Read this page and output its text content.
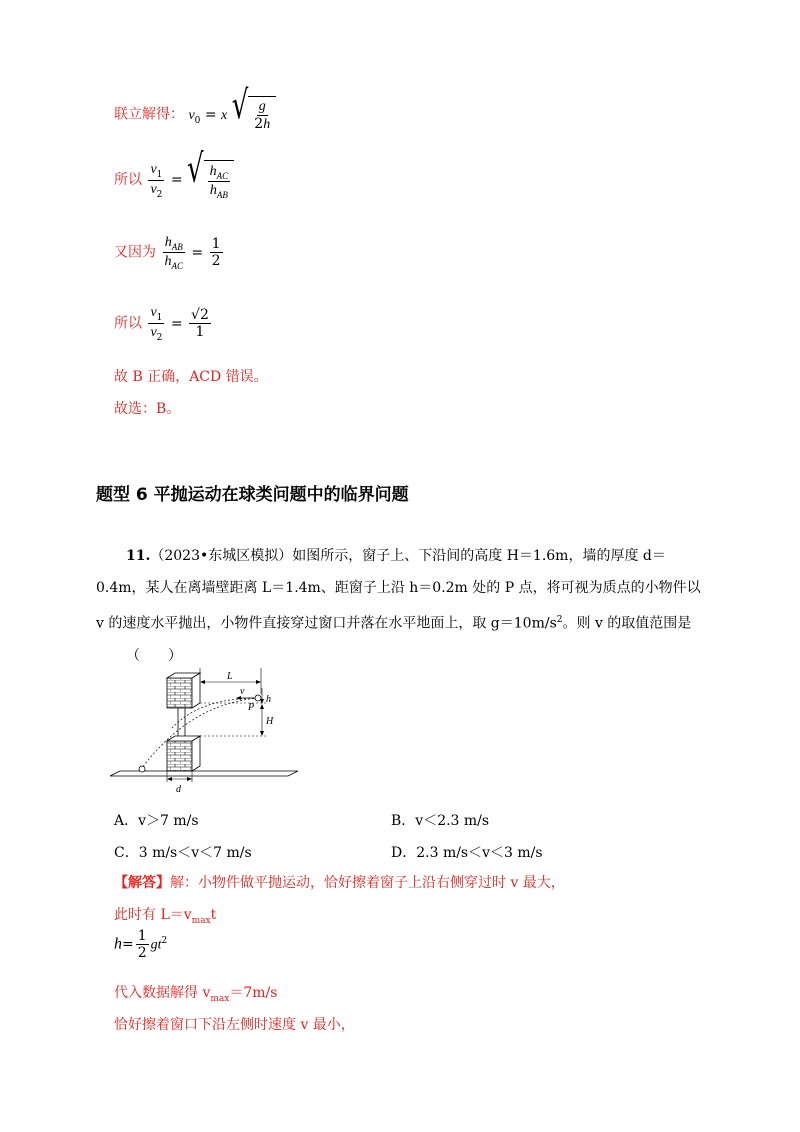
联立解得： $v_0 = x$ √ $\frac{g}{2h}$
所以 $\frac{v_1}{v_2}$ = √ $\frac{h_{AC}}{h_{AB}}$
又因为 $\frac{h_{AB}}{h_{AC}} = \frac{1}{2}$
所以 $\frac{v_1}{v_2} = \frac{√2}{1}$
故 B 正确，ACD 错误。
故选：B。
题型 6 平抛运动在球类问题中的临界问题
11.（2023•东城区模拟）如图所示，窗子上、下沿间的高度 H＝1.6m，墙的厚度 d＝
0.4m，某人在离墙壁距离 L＝1.4m、距窗子上沿 h＝0.2m 处的 P 点，将可视为质点的小物件以
v 的速度水平抛出，小物件直接穿过窗口并落在水平地面上，取 $g=10m/s^2$。则 v 的取值范围是
（　　）
L
v
P
h
H
d
A．v＞7 m/s	B．v＜2.3 m/s
C．3 m/s＜v＜7 m/s	D．2.3 m/s＜v＜3 m/s
【解答】解：小物件做平抛运动，恰好擦着窗子上沿右侧穿过时 v 最大，
此时有 $L=v_{max}t$
$h= \frac{1}{2} gt^2$
代入数据解得 $v_{max}=7m/s$
恰好擦着窗口下沿左侧时速度 v 最小，
